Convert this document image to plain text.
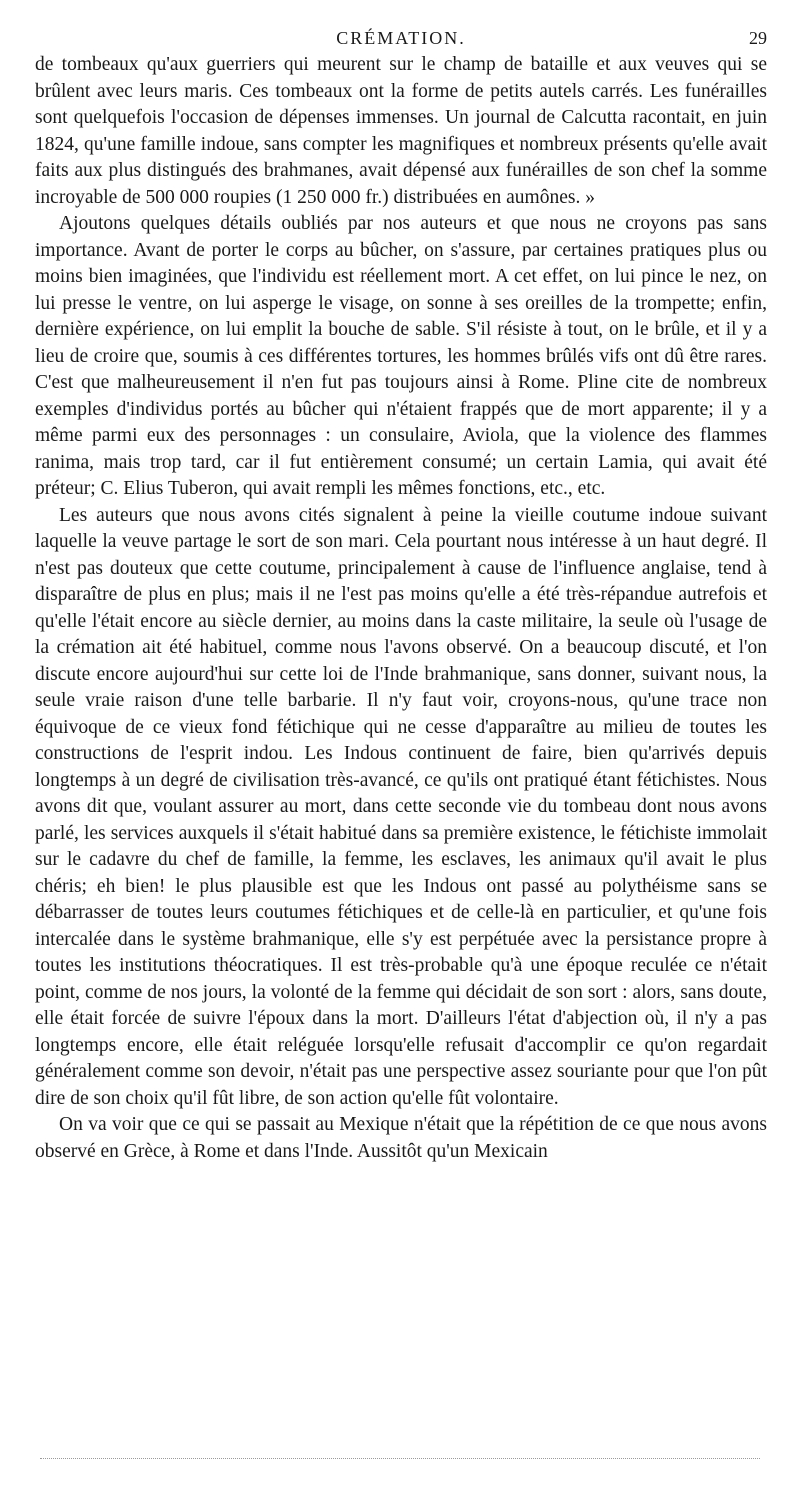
CRÉMATION.	29

de tombeaux qu'aux guerriers qui meurent sur le champ de bataille et aux veuves qui se brûlent avec leurs maris. Ces tombeaux ont la forme de petits autels carrés. Les funérailles sont quelquefois l'occasion de dépenses immenses. Un journal de Calcutta racontait, en juin 1824, qu'une famille indoue, sans compter les magnifiques et nombreux présents qu'elle avait faits aux plus distingués des brahmanes, avait dépensé aux funérailles de son chef la somme incroyable de 500 000 roupies (1 250 000 fr.) distribuées en aumônes. »

Ajoutons quelques détails oubliés par nos auteurs et que nous ne croyons pas sans importance. Avant de porter le corps au bûcher, on s'assure, par certaines pratiques plus ou moins bien imaginées, que l'individu est réellement mort. A cet effet, on lui pince le nez, on lui presse le ventre, on lui asperge le visage, on sonne à ses oreilles de la trompette; enfin, dernière expérience, on lui emplit la bouche de sable. S'il résiste à tout, on le brûle, et il y a lieu de croire que, soumis à ces différentes tortures, les hommes brûlés vifs ont dû être rares. C'est que malheureusement il n'en fut pas toujours ainsi à Rome. Pline cite de nombreux exemples d'individus portés au bûcher qui n'étaient frappés que de mort apparente; il y a même parmi eux des personnages : un consulaire, Aviola, que la violence des flammes ranima, mais trop tard, car il fut entièrement consumé; un certain Lamia, qui avait été préteur; C. Elius Tuberon, qui avait rempli les mêmes fonctions, etc., etc.

Les auteurs que nous avons cités signalent à peine la vieille coutume indoue suivant laquelle la veuve partage le sort de son mari. Cela pourtant nous intéresse à un haut degré. Il n'est pas douteux que cette coutume, principalement à cause de l'influence anglaise, tend à disparaître de plus en plus; mais il ne l'est pas moins qu'elle a été très-répandue autrefois et qu'elle l'était encore au siècle dernier, au moins dans la caste militaire, la seule où l'usage de la crémation ait été habituel, comme nous l'avons observé. On a beaucoup discuté, et l'on discute encore aujourd'hui sur cette loi de l'Inde brahmanique, sans donner, suivant nous, la seule vraie raison d'une telle barbarie. Il n'y faut voir, croyons-nous, qu'une trace non équivoque de ce vieux fond fétichique qui ne cesse d'apparaître au milieu de toutes les constructions de l'esprit indou. Les Indous continuent de faire, bien qu'arrivés depuis longtemps à un degré de civilisation très-avancé, ce qu'ils ont pratiqué étant fétichistes. Nous avons dit que, voulant assurer au mort, dans cette seconde vie du tombeau dont nous avons parlé, les services auxquels il s'était habitué dans sa première existence, le fétichiste immolait sur le cadavre du chef de famille, la femme, les esclaves, les animaux qu'il avait le plus chéris; eh bien! le plus plausible est que les Indous ont passé au polythéisme sans se débarrasser de toutes leurs coutumes fétichiques et de celle-là en particulier, et qu'une fois intercalée dans le système brahmanique, elle s'y est perpétuée avec la persistance propre à toutes les institutions théocratiques. Il est très-probable qu'à une époque reculée ce n'était point, comme de nos jours, la volonté de la femme qui décidait de son sort : alors, sans doute, elle était forcée de suivre l'époux dans la mort. D'ailleurs l'état d'abjection où, il n'y a pas longtemps encore, elle était reléguée lorsqu'elle refusait d'accomplir ce qu'on regardait généralement comme son devoir, n'était pas une perspective assez souriante pour que l'on pût dire de son choix qu'il fût libre, de son action qu'elle fût volontaire.

On va voir que ce qui se passait au Mexique n'était que la répétition de ce que nous avons observé en Grèce, à Rome et dans l'Inde. Aussitôt qu'un Mexicain
